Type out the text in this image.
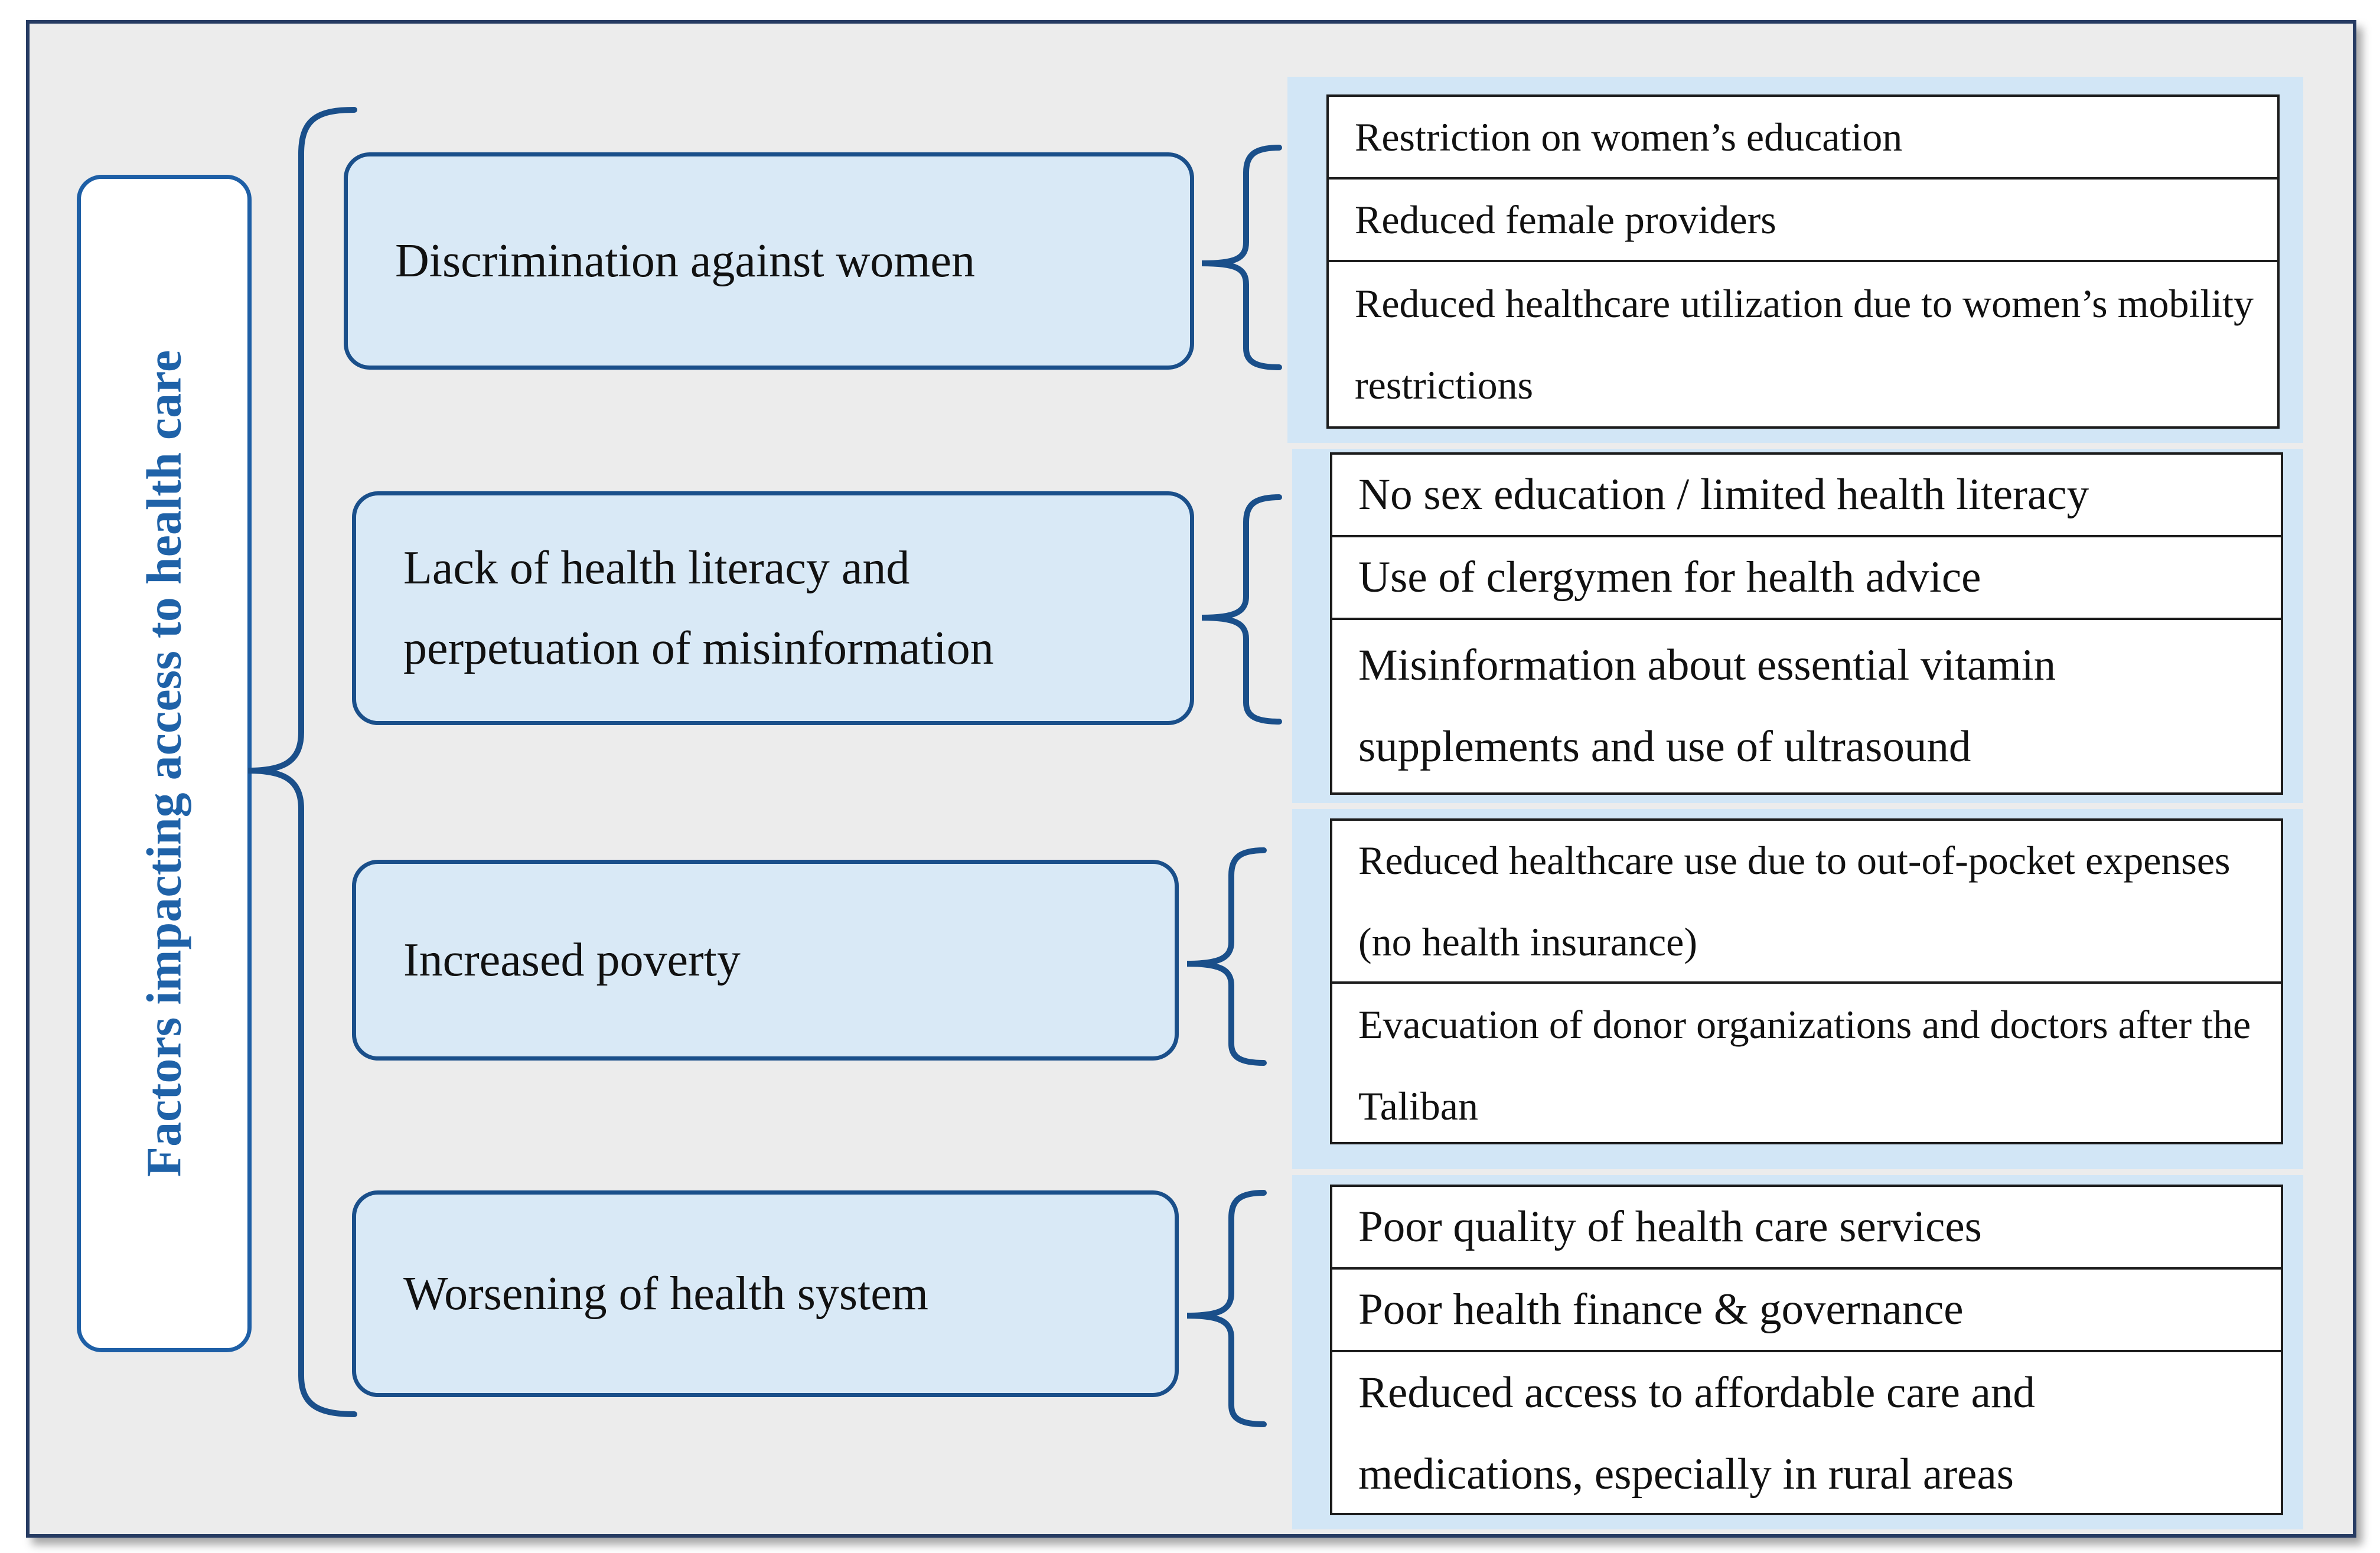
Factors impacting access to health care
Discrimination against women
Lack of health literacy and perpetuation of misinformation
Increased poverty
Worsening of health system
Restriction on women’s education
Reduced female providers
Reduced healthcare utilization due to women’s mobility restrictions
No sex education / limited health literacy
Use of clergymen for health advice
Misinformation about essential vitamin supplements and use of ultrasound
Reduced healthcare use due to out-of-pocket expenses (no health insurance)
Evacuation of donor organizations and doctors after the Taliban
Poor quality of health care services
Poor health finance & governance
Reduced access to affordable care and medications, especially in rural areas
